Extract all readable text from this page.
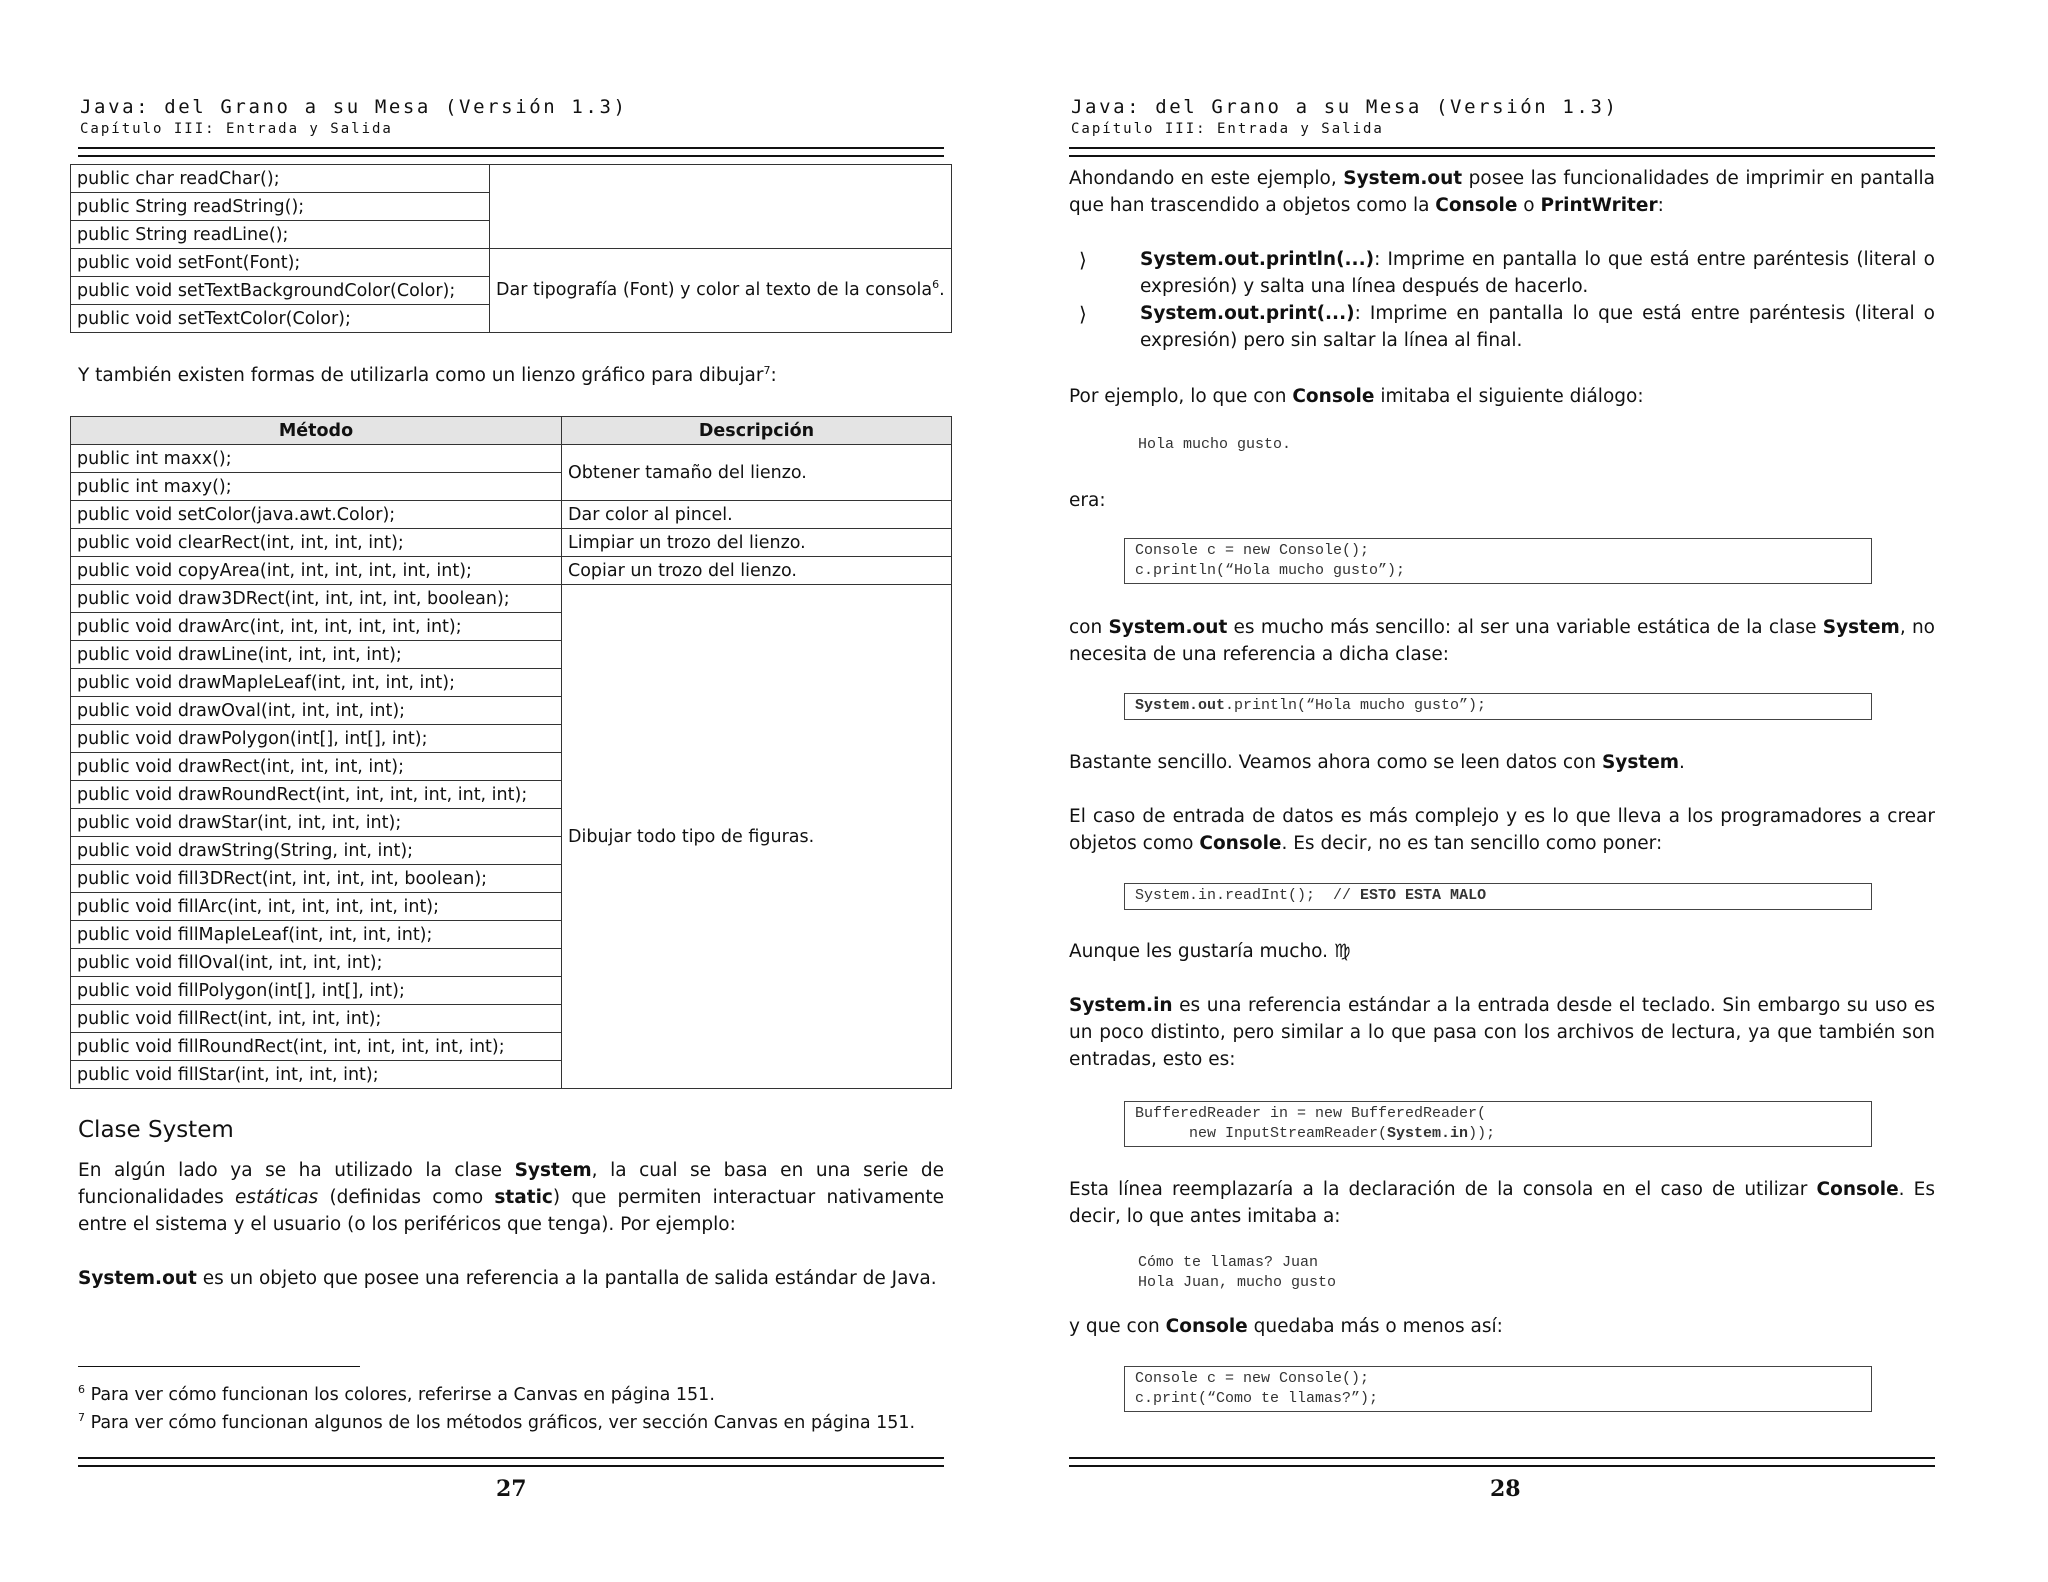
Java: del Grano a su Mesa (Versión 1.3)
Capítulo III: Entrada y Salida
public char readChar();	
public String readString();	
public String readLine();	
public void setFont(Font);	Dar tipografía (Font) y color al texto de la consola$^6$.
public void setTextBackgroundColor(Color);	
public void setTextColor(Color);	
Y también existen formas de utilizarla como un lienzo gráfico para dibujar$^7$:
Método	Descripción
public int maxx();	Obtener tamaño del lienzo.
public int maxy();	
public void setColor(java.awt.Color);	Dar color al pincel.
public void clearRect(int, int, int, int);	Limpiar un trozo del lienzo.
public void copyArea(int, int, int, int, int, int);	Copiar un trozo del lienzo.
public void draw3DRect(int, int, int, int, boolean);	Dibujar todo tipo de figuras.
public void drawArc(int, int, int, int, int, int);	
public void drawLine(int, int, int, int);	
public void drawMapleLeaf(int, int, int, int);	
public void drawOval(int, int, int, int);	
public void drawPolygon(int[], int[], int);	
public void drawRect(int, int, int, int);	
public void drawRoundRect(int, int, int, int, int, int);	
public void drawStar(int, int, int, int);	
public void drawString(String, int, int);	
public void fill3DRect(int, int, int, int, boolean);	
public void fillArc(int, int, int, int, int, int);	
public void fillMapleLeaf(int, int, int, int);	
public void fillOval(int, int, int, int);	
public void fillPolygon(int[], int[], int);	
public void fillRect(int, int, int, int);	
public void fillRoundRect(int, int, int, int, int, int);	
public void fillStar(int, int, int, int);	
Clase System
En algún lado ya se ha utilizado la clase System, la cual se basa en una serie de funcionalidades estáticas (definidas como static) que permiten interactuar nativamente entre el sistema y el usuario (o los periféricos que tenga). Por ejemplo:
System.out es un objeto que posee una referencia a la pantalla de salida estándar de Java.
$^6$ Para ver cómo funcionan los colores, referirse a Canvas en página 151.
$^7$ Para ver cómo funcionan algunos de los métodos gráficos, ver sección Canvas en página 151.
27
Java: del Grano a su Mesa (Versión 1.3)
Capítulo III: Entrada y Salida
Ahondando en este ejemplo, System.out posee las funcionalidades de imprimir en pantalla que han trascendido a objetos como la Console o PrintWriter:
⟩	System.out.println(...): Imprime en pantalla lo que está entre paréntesis (literal o expresión) y salta una línea después de hacerlo.
⟩	System.out.print(...): Imprime en pantalla lo que está entre paréntesis (literal o expresión) pero sin saltar la línea al final.
Por ejemplo, lo que con Console imitaba el siguiente diálogo:
Hola mucho gusto.
era:
Console c = new Console();
c.println(“Hola mucho gusto”);
con System.out es mucho más sencillo: al ser una variable estática de la clase System, no necesita de una referencia a dicha clase:
System.out.println(“Hola mucho gusto”);
Bastante sencillo. Veamos ahora como se leen datos con System.
El caso de entrada de datos es más complejo y es lo que lleva a los programadores a crear objetos como Console. Es decir, no es tan sencillo como poner:
System.in.readInt();  // ESTO ESTA MALO
Aunque les gustaría mucho. ♍
System.in es una referencia estándar a la entrada desde el teclado. Sin embargo su uso es un poco distinto, pero similar a lo que pasa con los archivos de lectura, ya que también son entradas, esto es:
BufferedReader in = new BufferedReader(
new InputStreamReader(System.in));
Esta línea reemplazaría a la declaración de la consola en el caso de utilizar Console. Es decir, lo que antes imitaba a:
Cómo te llamas? Juan
Hola Juan, mucho gusto
y que con Console quedaba más o menos así:
Console c = new Console();
c.print(“Como te llamas?”);
28
